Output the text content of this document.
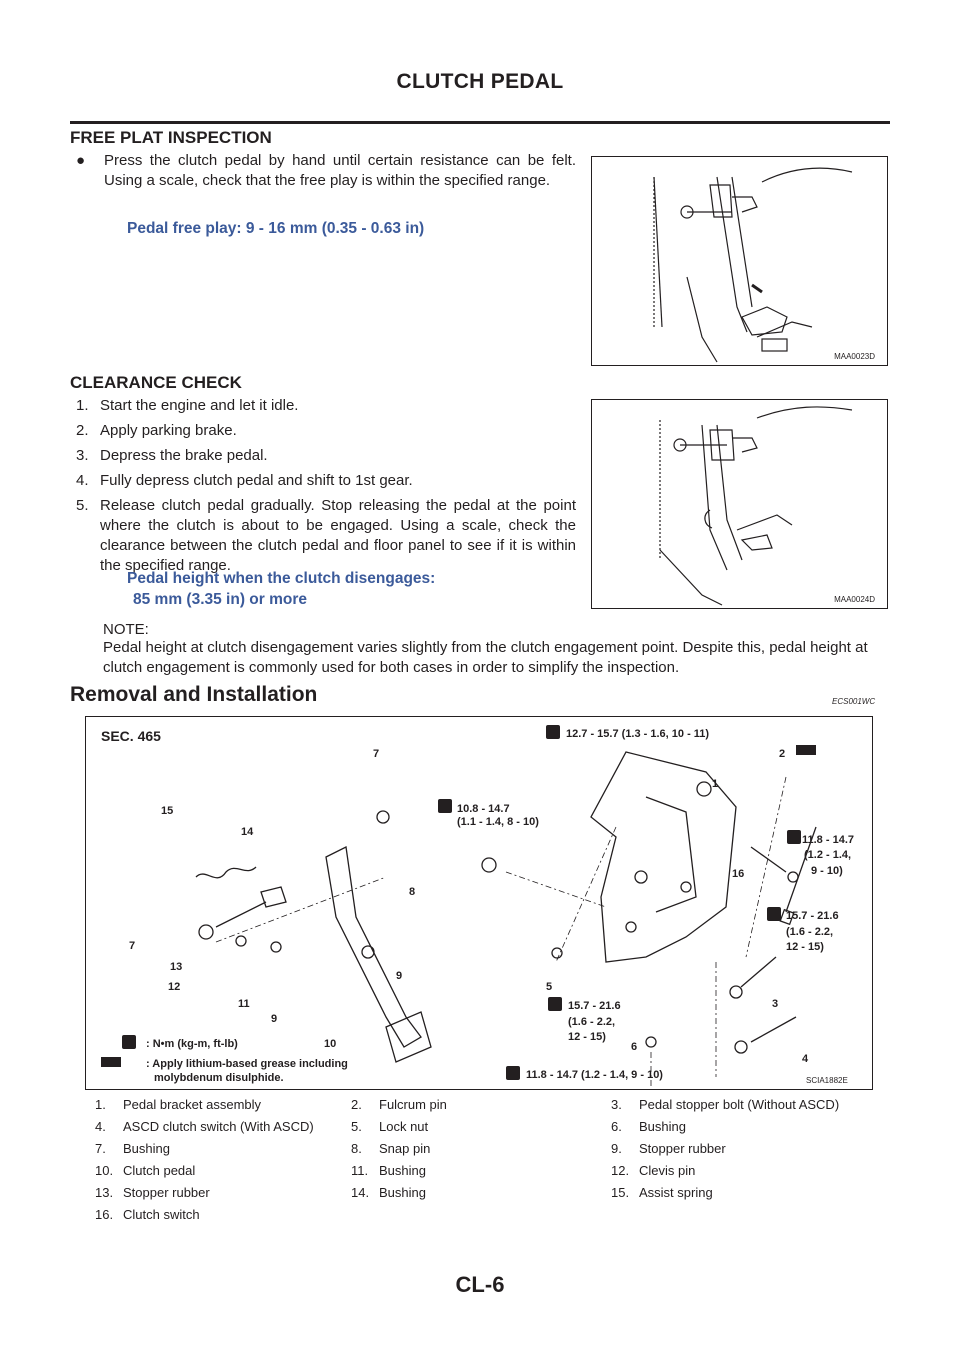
CLUTCH PEDAL
FREE PLAT INSPECTION
●	Press the clutch pedal by hand until certain resistance can be felt. Using a scale, check that the free play is within the specified range.
Pedal free play: 9 - 16 mm (0.35 - 0.63 in)
MAA0023D
CLEARANCE CHECK
1. Start the engine and let it idle.
2. Apply parking brake.
3. Depress the brake pedal.
4. Fully depress clutch pedal and shift to 1st gear.
5. Release clutch pedal gradually. Stop releasing the pedal at the point where the clutch is about to be engaged. Using a scale, check the clearance between the clutch pedal and floor panel to see if it is within the specified range.
Pedal height when the clutch disengages:
85 mm (3.35 in) or more	MAA0024D
NOTE:
Pedal height at clutch disengagement varies slightly from the clutch engagement point. Despite this, pedal height at clutch engagement is commonly used for both cases in order to simplify the inspection.
Removal and Installation	ECS001WC
SEC. 465
1
2
3
4
5
6
7
7
8
9
9
10
11
12
13
14
15
16
12.7 - 15.7 (1.3 - 1.6, 10 - 11)
10.8 - 14.7
(1.1 - 1.4, 8 - 10)
11.8 - 14.7
(1.2 - 1.4,
9 - 10)
15.7 - 21.6
(1.6 - 2.2,
12 - 15)
15.7 - 21.6
(1.6 - 2.2,
12 - 15)
11.8 - 14.7 (1.2 - 1.4, 9 - 10)
: N•m (kg-m, ft-lb)
: Apply lithium-based grease including
molybdenum disulphide.	SCIA1882E
1.	Pedal bracket assembly	2.	Fulcrum pin	3.	Pedal stopper bolt (Without ASCD)
4.	ASCD clutch switch (With ASCD)	5.	Lock nut	6.	Bushing
7.	Bushing	8.	Snap pin	9.	Stopper rubber
10.	Clutch pedal	11.	Bushing	12.	Clevis pin
13.	Stopper rubber	14.	Bushing	15.	Assist spring
16.	Clutch switch				
CL-6
